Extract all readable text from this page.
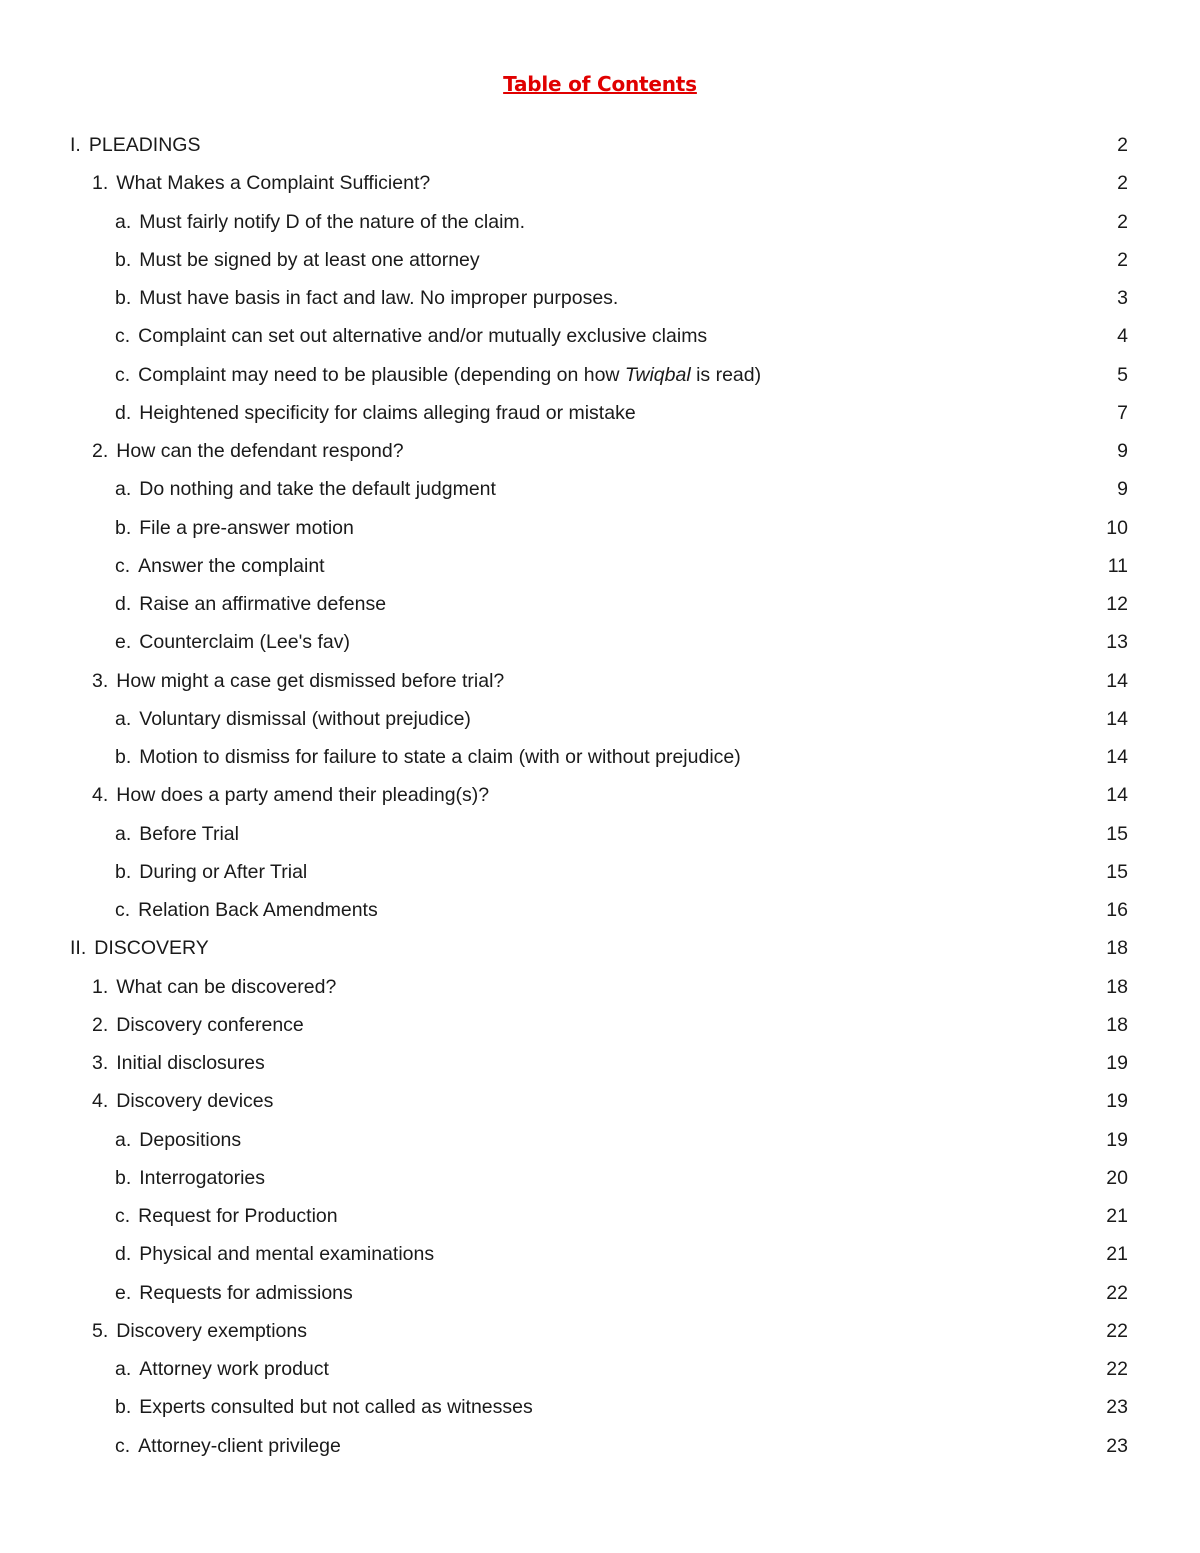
Table of Contents
I. PLEADINGS	2
1. What Makes a Complaint Sufficient?	2
a. Must fairly notify D of the nature of the claim.	2
b. Must be signed by at least one attorney	2
b. Must have basis in fact and law. No improper purposes.	3
c. Complaint can set out alternative and/or mutually exclusive claims	4
c. Complaint may need to be plausible (depending on how Twiqbal is read)	5
d. Heightened specificity for claims alleging fraud or mistake	7
2. How can the defendant respond?	9
a. Do nothing and take the default judgment	9
b. File a pre-answer motion	10
c. Answer the complaint	11
d. Raise an affirmative defense	12
e. Counterclaim (Lee's fav)	13
3. How might a case get dismissed before trial?	14
a. Voluntary dismissal (without prejudice)	14
b. Motion to dismiss for failure to state a claim (with or without prejudice)	14
4. How does a party amend their pleading(s)?	14
a. Before Trial	15
b. During or After Trial	15
c. Relation Back Amendments	16
II. DISCOVERY	18
1. What can be discovered?	18
2. Discovery conference	18
3. Initial disclosures	19
4. Discovery devices	19
a. Depositions	19
b. Interrogatories	20
c. Request for Production	21
d. Physical and mental examinations	21
e. Requests for admissions	22
5. Discovery exemptions	22
a. Attorney work product	22
b. Experts consulted but not called as witnesses	23
c. Attorney-client privilege	23
